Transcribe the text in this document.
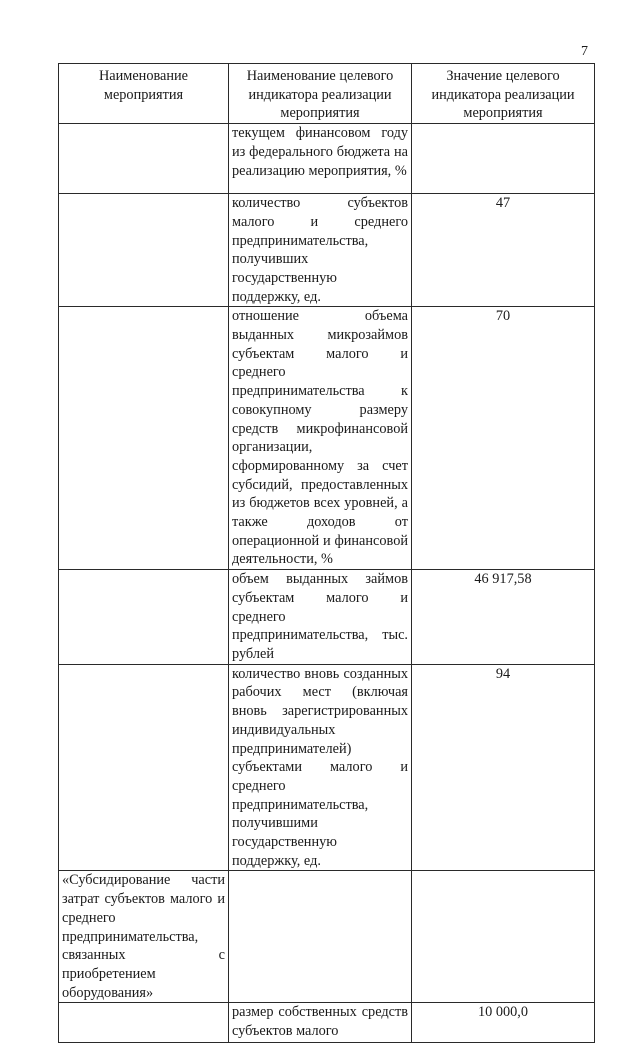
7
Наименование мероприятия	Наименование целевого индикатора реализации мероприятия	Значение целевого индикатора реализации мероприятия
	текущем финансовом году из федерального бюджета на реализацию мероприятия, %	
	количество субъектов малого и среднего предпринимательства, получивших государственную поддержку, ед.	47
	отношение объема выданных микрозаймов субъектам малого и среднего предпринимательства к совокупному размеру средств микрофинансовой организации, сформированному за счет субсидий, предоставленных из бюджетов всех уровней, а также доходов от операционной и финансовой деятельности, %	70
	объем выданных займов субъектам малого и среднего предпринимательства, тыс. рублей	46 917,58
	количество вновь созданных рабочих мест (включая вновь зарегистрированных индивидуальных предпринимателей) субъектами малого и среднего предпринимательства, получившими государственную поддержку, ед.	94
«Субсидирование части затрат субъектов малого и среднего предпринимательства, связанных с приобретением оборудования»		
	размер собственных средств субъектов малого	10 000,0
